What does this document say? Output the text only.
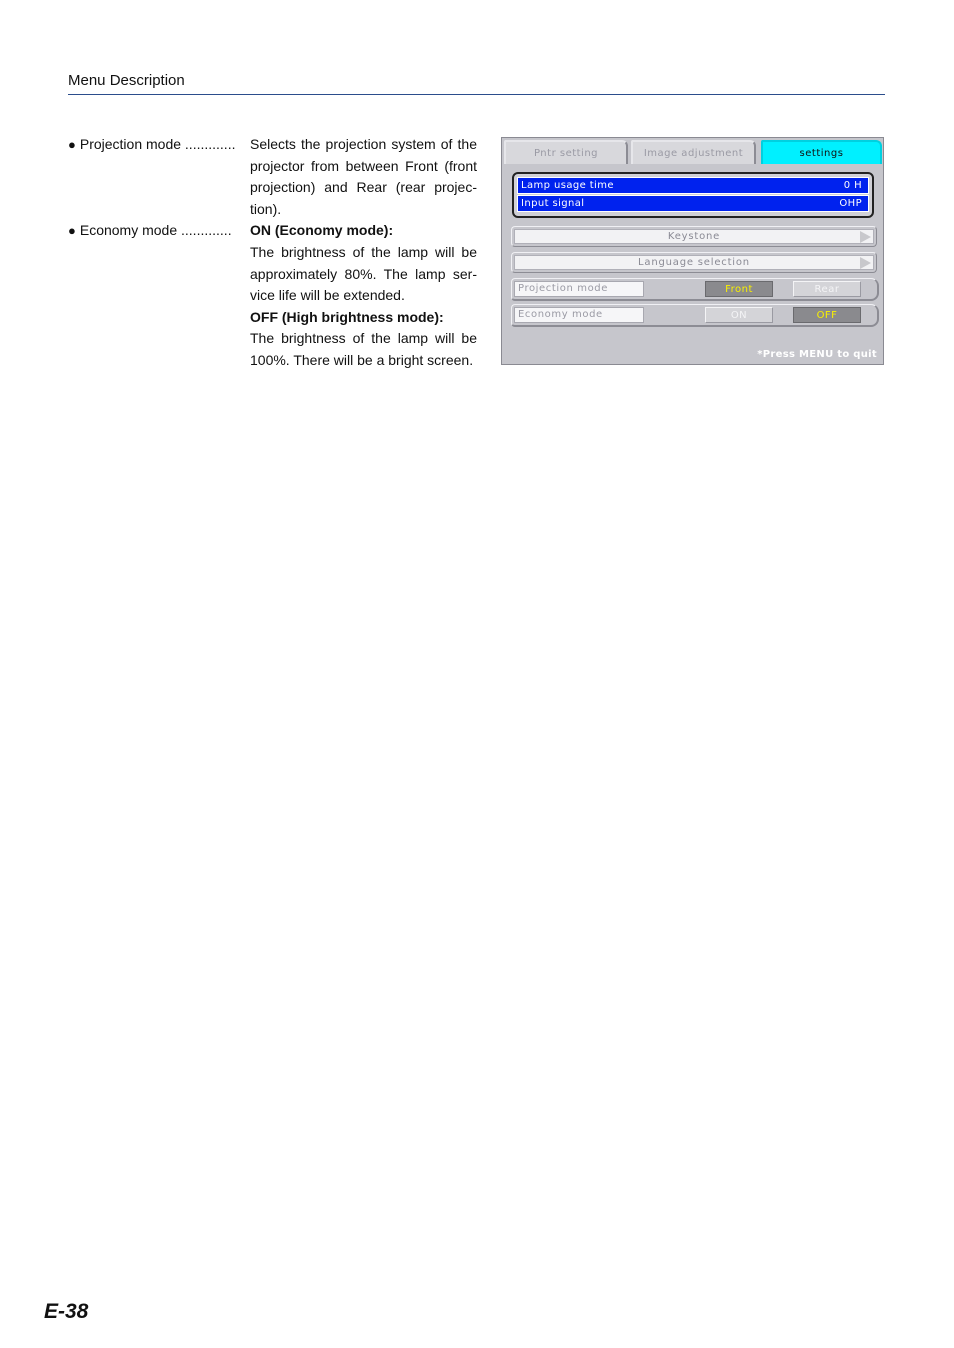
Menu Description
● Projection mode .............	Selects the projection system of the projector from between Front (front projection) and Rear (rear projec-tion).

● Economy mode .............	ON (Economy mode):

The brightness of the lamp will be approximately 80%. The lamp ser-vice life will be extended.

OFF (High brightness mode):

The brightness of the lamp will be 100%. There will be a bright screen.

Pntr setting	Image adjustment	settings
Lamp usage time	0 H
Input signal	OHP
Keystone
Language selection
Projection mode	Front	Rear
Economy mode	ON	OFF
*Press MENU to quit
E-38
